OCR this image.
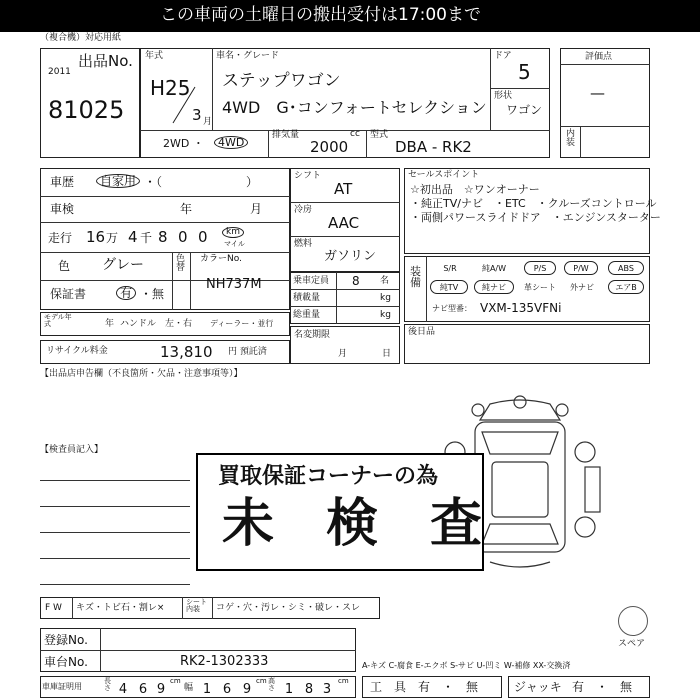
この車両の土曜日の搬出受付は17:00まで
（複合機）対応用紙
出品No.
2011
81025
年式
H25
3 月
車名・グレード
ステップワゴン
4WD　G･コンフォートセレクション
ドア
5
形状
ワゴン
2WD ・	4WD
排気量	cc
2000
型式
DBA - RK2
評価点
—
内装
車歴	自家用 ・（　　　　　　　）
車検	年	月
走行 16 万 4 千 8 0 0	km
マイル
色 グレー	色替
カラーNo.
NH737M
保証書	有 ・無
モデル年式	年 ハンドル　左・右 ディーラー・並行
リサイクル料金	13,810 円 預託済
シフト
AT
冷房
AAC
燃料
ガソリン
乗車定員 8 名
積載量	kg
総重量	kg
名変期限
月	日
セールスポイント
☆初出品　☆ワンオーナー
・純正TV/ナビ　・ETC　・クルーズコントロール
・両側パワースライドドア　・エンジンスターター
装備
S/R	純A/W	P/S	P/W	ABS
純TV	純ナビ	革シート	外ナビ	エアB
ナビ型番： VXM-135VFNi
後日品
【出品店申告欄（不良箇所・欠品・注意事項等）】
【検査員記入】
買取保証コーナーの為
未　検　査
スペア
F W キズ・トビ石・割レ×
シート内装	コゲ・穴・汚レ・シミ・破レ・スレ
登録No.
車台No.	RK2-1302333	A-キズ C-腐食 E-エクボ S-サビ U-凹ミ W-補修 XX-交換済
車庫証明用
長さ 4 6 9
cm
幅 1 6 9
cm 高さ 1 8 3
cm 工　具 有　・　無	ジャッキ 有　・　無
